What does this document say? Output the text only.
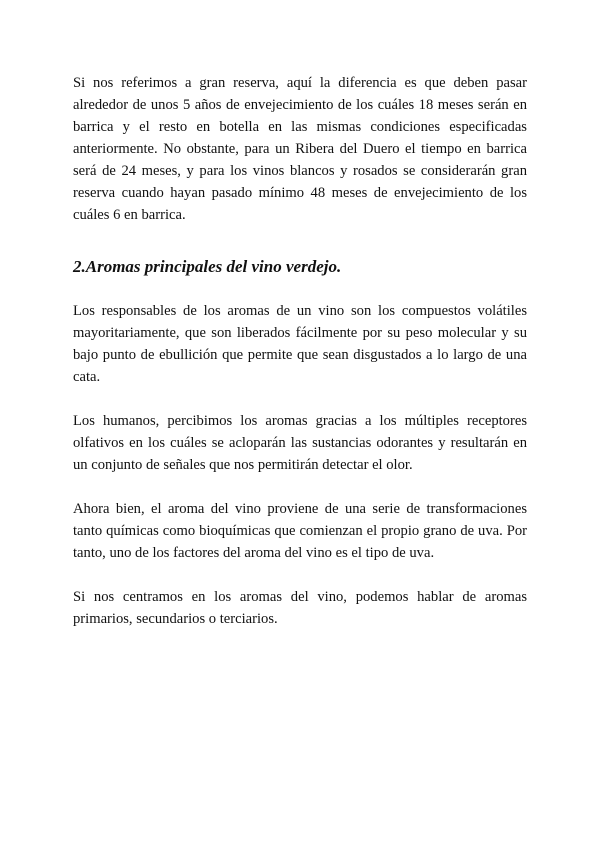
Si nos referimos a gran reserva, aquí la diferencia es que deben pasar alrededor de unos 5 años de envejecimiento de los cuáles 18 meses serán en barrica y el resto en botella en las mismas condiciones especificadas anteriormente. No obstante, para un Ribera del Duero el tiempo en barrica será de 24 meses, y para los vinos blancos y rosados se considerarán gran reserva cuando hayan pasado mínimo 48 meses de envejecimiento de los cuáles 6 en barrica.

2.Aromas principales del vino verdejo.

Los responsables de los aromas de un vino son los compuestos volátiles mayoritariamente, que son liberados fácilmente por su peso molecular y su bajo punto de ebullición que permite que sean disgustados a lo largo de una cata.

Los humanos, percibimos los aromas gracias a los múltiples receptores olfativos en los cuáles se acloparán las sustancias odorantes y resultarán en un conjunto de señales que nos permitirán detectar el olor.

Ahora bien, el aroma del vino proviene de una serie de transformaciones tanto químicas como bioquímicas que comienzan el propio grano de uva. Por tanto, uno de los factores del aroma del vino es el tipo de uva.

Si nos centramos en los aromas del vino, podemos hablar de aromas primarios, secundarios o terciarios.
